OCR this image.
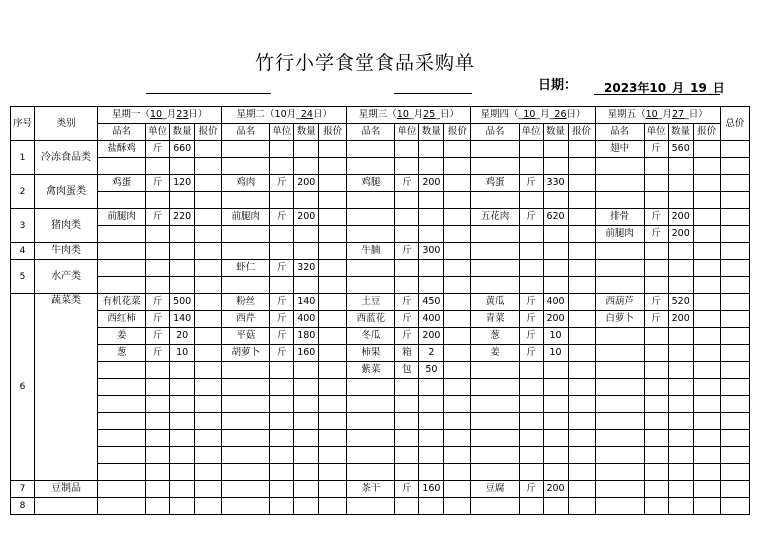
竹行小学食堂食品采购单
日期： 2023年10_月_19_日
序号	类别	星期一（10_月23日）				星期二（10月_24日）				星期三（10_月25_日）				星期四（_10_月_26日）				星期五（10_月27_日）				总价
		品名	单位	数量	报价	品名	单位	数量	报价	品名	单位	数量	报价	品名	单位	数量	报价	品名	单位	数量	报价	
1	冷冻食品类	盐酥鸡	斤	660														翅中	斤	560		

2	禽肉蛋类	鸡蛋	斤	120		鸡肉	斤	200		鸡腿	斤	200		鸡蛋	斤	330						

3	猪肉类	前腿肉	斤	220		前腿肉	斤	200						五花肉	斤	620		排骨	斤	200		
																		前腿肉	斤	200		
4	牛肉类									牛腩	斤	300										
5	水产类					虾仁	斤	320														

6	蔬菜类	有机花菜	斤	500		粉丝	斤	140		土豆	斤	450		黄瓜	斤	400		西葫芦	斤	520		
		西红柿	斤	140		西芹	斤	400		西蓝花	斤	400		青菜	斤	200		白萝卜	斤	200		
		姜	斤	20		平菇	斤	180		冬瓜	斤	200		葱	斤	10						
		葱	斤	10		胡萝卜	斤	160		柿果	箱	2		姜	斤	10						
										紫菜	包	50										

7	豆制品									茶干	斤	160		豆腐	斤	200						
8																						
